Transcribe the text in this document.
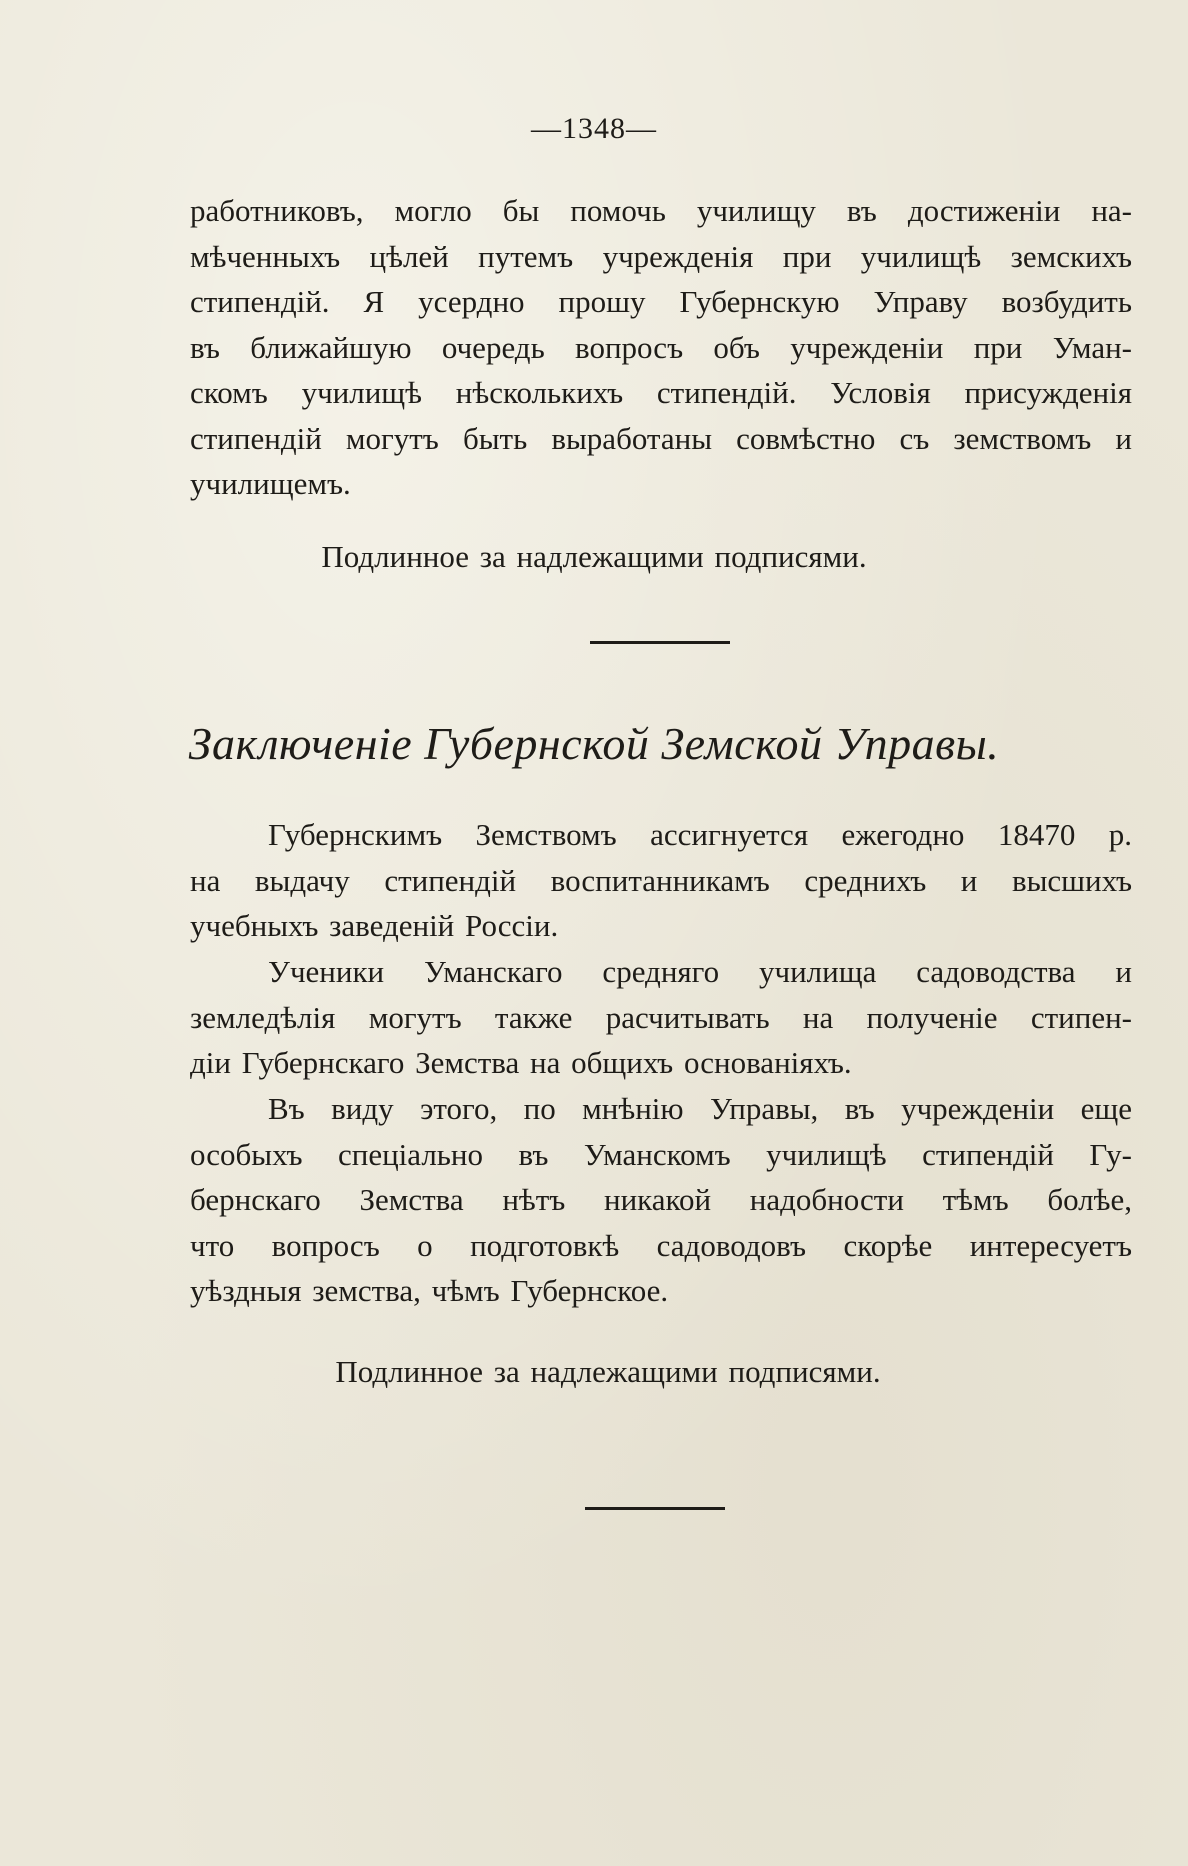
—1348—
работниковъ, могло бы помочь училищу въ достиженіи на-
мѣченныхъ цѣлей путемъ учрежденія при училищѣ земскихъ
стипендій. Я усердно прошу Губернскую Управу возбудить
въ ближайшую очередь вопросъ объ учрежденіи при Уман-
скомъ училищѣ нѣсколькихъ стипендій. Условія присужденія
стипендій могутъ быть выработаны совмѣстно съ земствомъ и
училищемъ.
Подлинное за надлежащими подписями.
Заключеніе Губернской Земской Управы.
Губернскимъ Земствомъ ассигнуется ежегодно 18470 р.
на выдачу стипендій воспитанникамъ среднихъ и высшихъ
учебныхъ заведеній Россіи.
Ученики Уманскаго средняго училища садоводства и
земледѣлія могутъ также расчитывать на полученіе стипен-
діи Губернскаго Земства на общихъ основаніяхъ.
Въ виду этого, по мнѣнію Управы, въ учрежденіи еще
особыхъ спеціально въ Уманскомъ училищѣ стипендій Гу-
бернскаго Земства нѣтъ никакой надобности тѣмъ болѣе,
что вопросъ о подготовкѣ садоводовъ скорѣе интересуетъ
уѣздныя земства, чѣмъ Губернское.
Подлинное за надлежащими подписями.
